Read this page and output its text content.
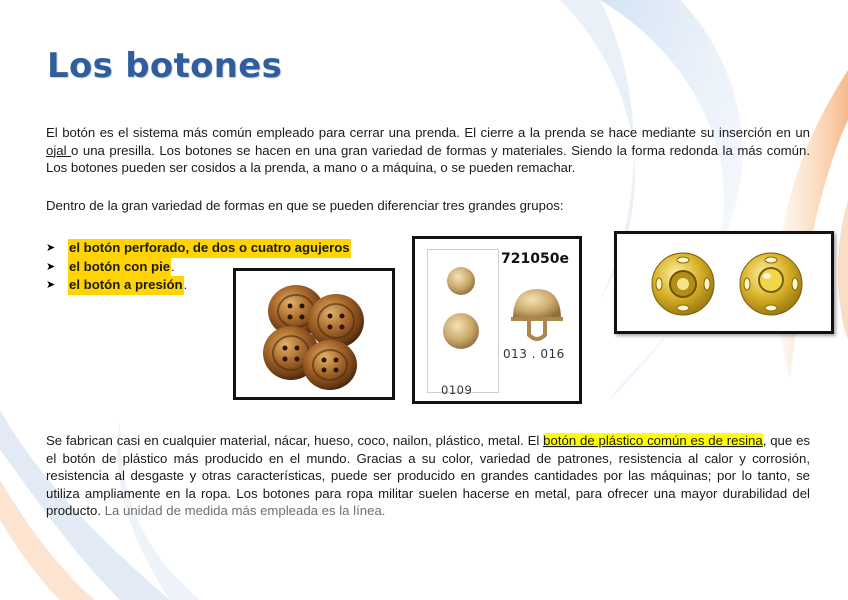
Los botones

El botón es el sistema más común empleado para cerrar una prenda. El cierre a la prenda se hace mediante su inserción en un ojal o una presilla. Los botones se hacen en una gran variedad de formas y materiales. Siendo la forma redonda la más común. Los botones pueden ser cosidos a la prenda, a mano o a máquina, o se pueden remachar.

Dentro de la gran variedad de formas en que se pueden diferenciar tres grandes grupos:

➤	el botón perforado, de dos o cuatro agujeros
➤	el botón con pie .
➤	el botón a presión .
721050e
013 . 016
0109

Se fabrican casi en cualquier material, nácar, hueso, coco, nailon, plástico, metal. El botón de plástico común es de resina, que es el botón de plástico más producido en el mundo. Gracias a su color, variedad de patrones, resistencia al calor y corrosión, resistencia al desgaste y otras características, puede ser producido en grandes cantidades por las máquinas; por lo tanto, se utiliza ampliamente en la ropa. Los botones para ropa militar suelen hacerse en metal, para ofrecer una mayor durabilidad del producto. La unidad de medida más empleada es la línea.
